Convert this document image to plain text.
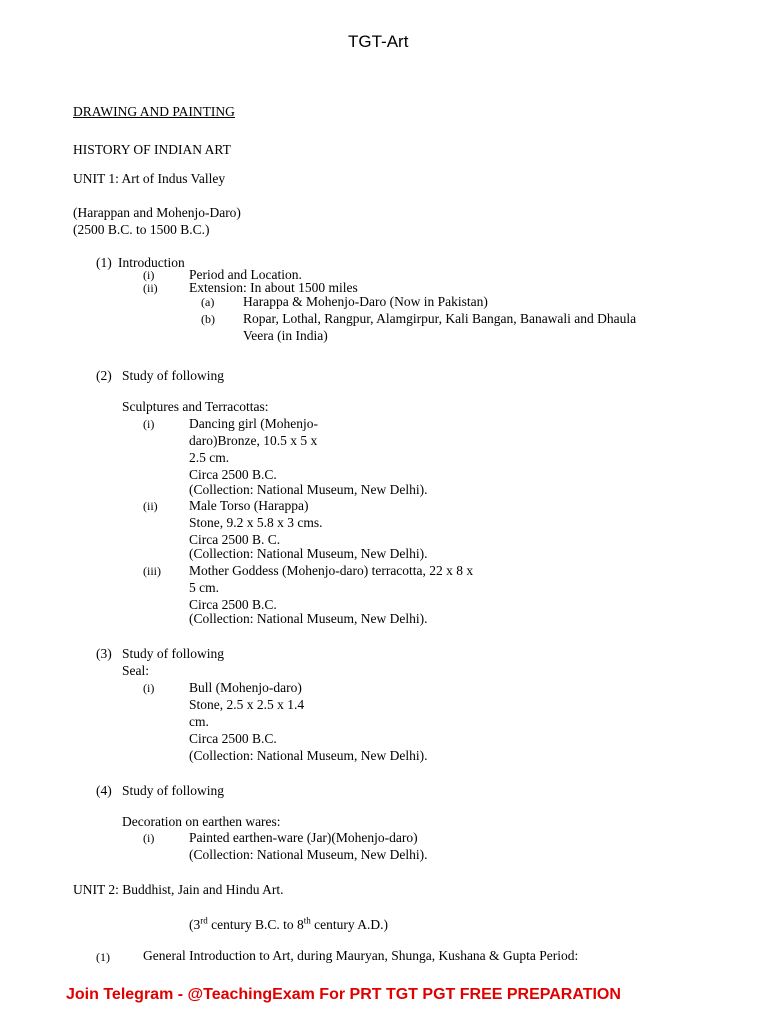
TGT-Art
DRAWING AND PAINTING
HISTORY OF INDIAN ART
UNIT 1: Art of Indus Valley
(Harappan and Mohenjo-Daro)
(2500 B.C. to 1500 B.C.)
(1) Introduction
(i)	Period and Location.
(ii) Extension: In about 1500 miles
(a) Harappa & Mohenjo-Daro (Now in Pakistan)
(b) Ropar, Lothal, Rangpur, Alamgirpur, Kali Bangan, Banawali and Dhaula
Veera (in India)
(2) Study of following
Sculptures and Terracottas:
(i)	Dancing girl (Mohenjo-
daro)Bronze, 10.5 x 5 x
2.5 cm.
Circa 2500 B.C.
(Collection: National Museum, New Delhi).
(ii) Male Torso (Harappa)
Stone, 9.2 x 5.8 x 3 cms.
Circa 2500 B. C.
(Collection: National Museum, New Delhi).
(iii) Mother Goddess (Mohenjo-daro) terracotta, 22 x 8 x
5 cm.
Circa 2500 B.C.
(Collection: National Museum, New Delhi).
(3) Study of following
Seal:
(i)	Bull (Mohenjo-daro)
Stone, 2.5 x 2.5 x 1.4
cm.
Circa 2500 B.C.
(Collection: National Museum, New Delhi).
(4) Study of following
Decoration on earthen wares:
(i)	Painted earthen-ware (Jar)(Mohenjo-daro)
(Collection: National Museum, New Delhi).
UNIT 2: Buddhist, Jain and Hindu Art.
(3rd century B.C. to 8th century A.D.)
(1) General Introduction to Art, during Mauryan, Shunga, Kushana & Gupta Period:
Join Telegram - @TeachingExam For PRT TGT PGT FREE PREPARATION
